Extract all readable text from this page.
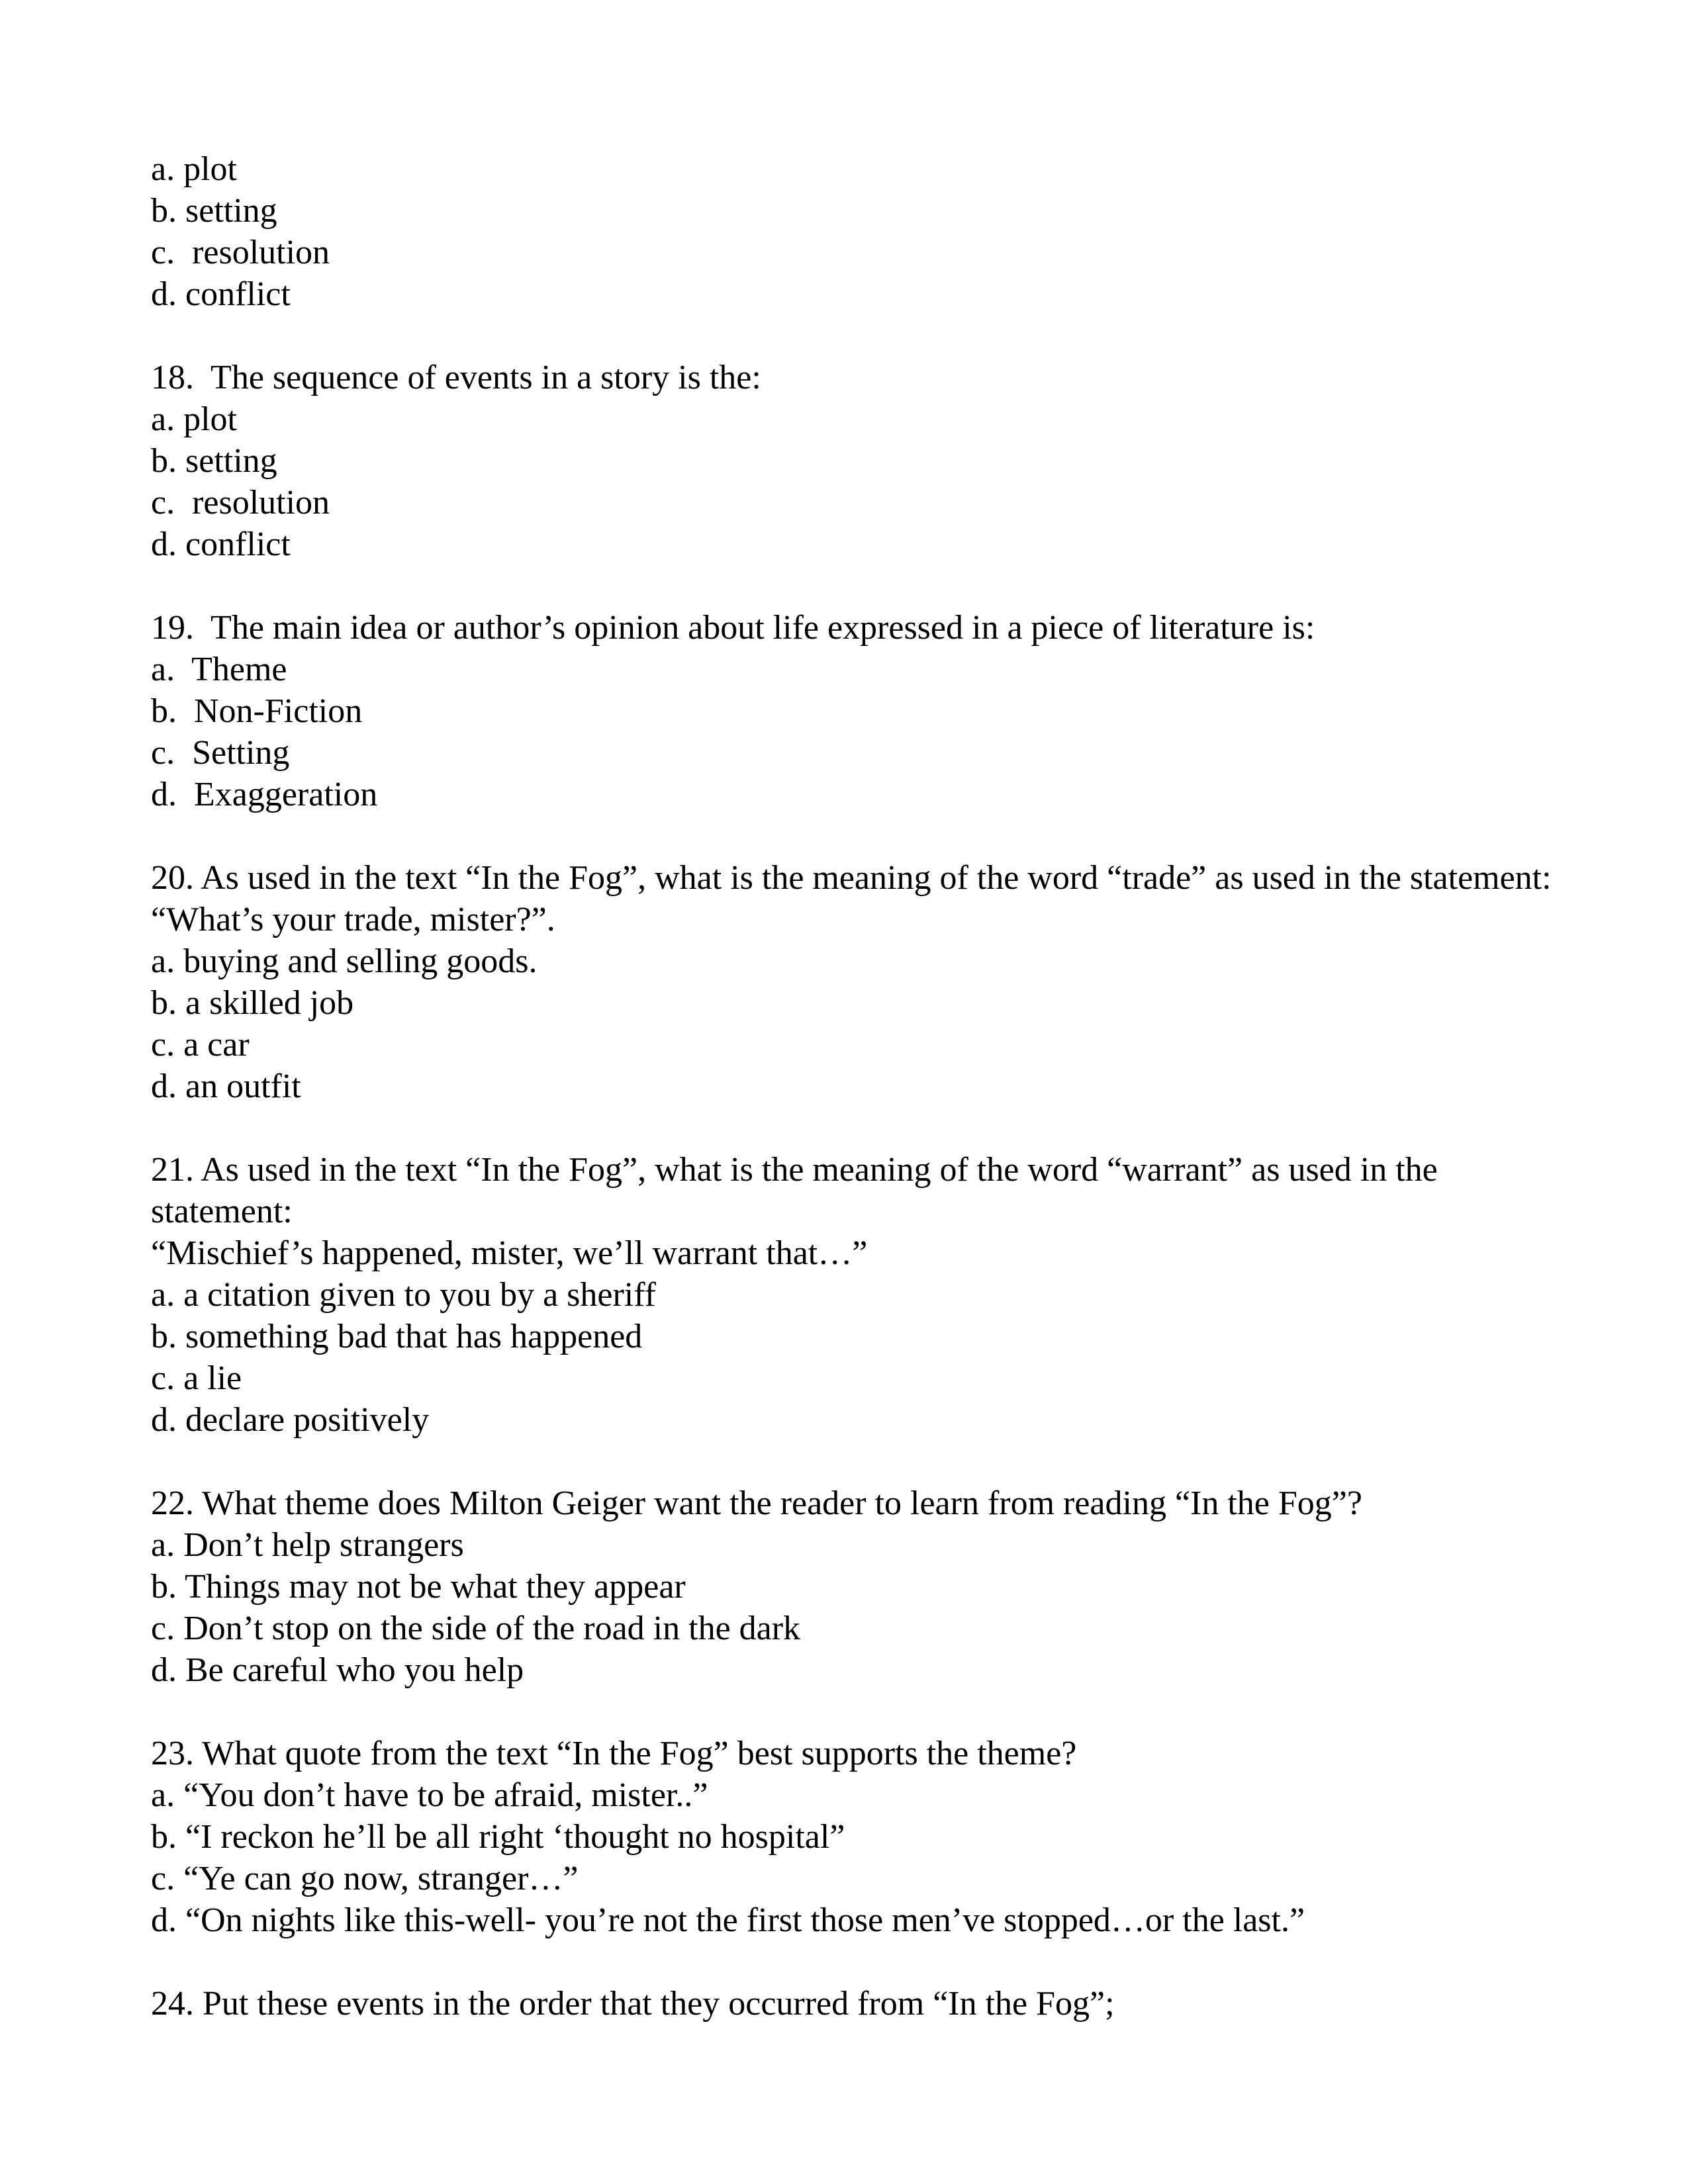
a. plot
b. setting
c.  resolution
d. conflict
18.  The sequence of events in a story is the:
a. plot
b. setting
c.  resolution
d. conflict
19.  The main idea or author’s opinion about life expressed in a piece of literature is:
a.  Theme
b.  Non-Fiction
c.  Setting
d.  Exaggeration
20. As used in the text “In the Fog”, what is the meaning of the word “trade” as used in the statement:
“What’s your trade, mister?”.
a. buying and selling goods.
b. a skilled job
c. a car
d. an outfit
21. As used in the text “In the Fog”, what is the meaning of the word “warrant” as used in the statement:
“Mischief’s happened, mister, we’ll warrant that…”
a. a citation given to you by a sheriff
b. something bad that has happened
c. a lie
d. declare positively
22. What theme does Milton Geiger want the reader to learn from reading “In the Fog”?
a. Don’t help strangers
b. Things may not be what they appear
c. Don’t stop on the side of the road in the dark
d. Be careful who you help
23. What quote from the text “In the Fog” best supports the theme?
a. “You don’t have to be afraid, mister..”
b. “I reckon he’ll be all right ‘thought no hospital”
c. “Ye can go now, stranger…”
d. “On nights like this-well- you’re not the first those men’ve stopped…or the last.”
24. Put these events in the order that they occurred from “In the Fog”;
